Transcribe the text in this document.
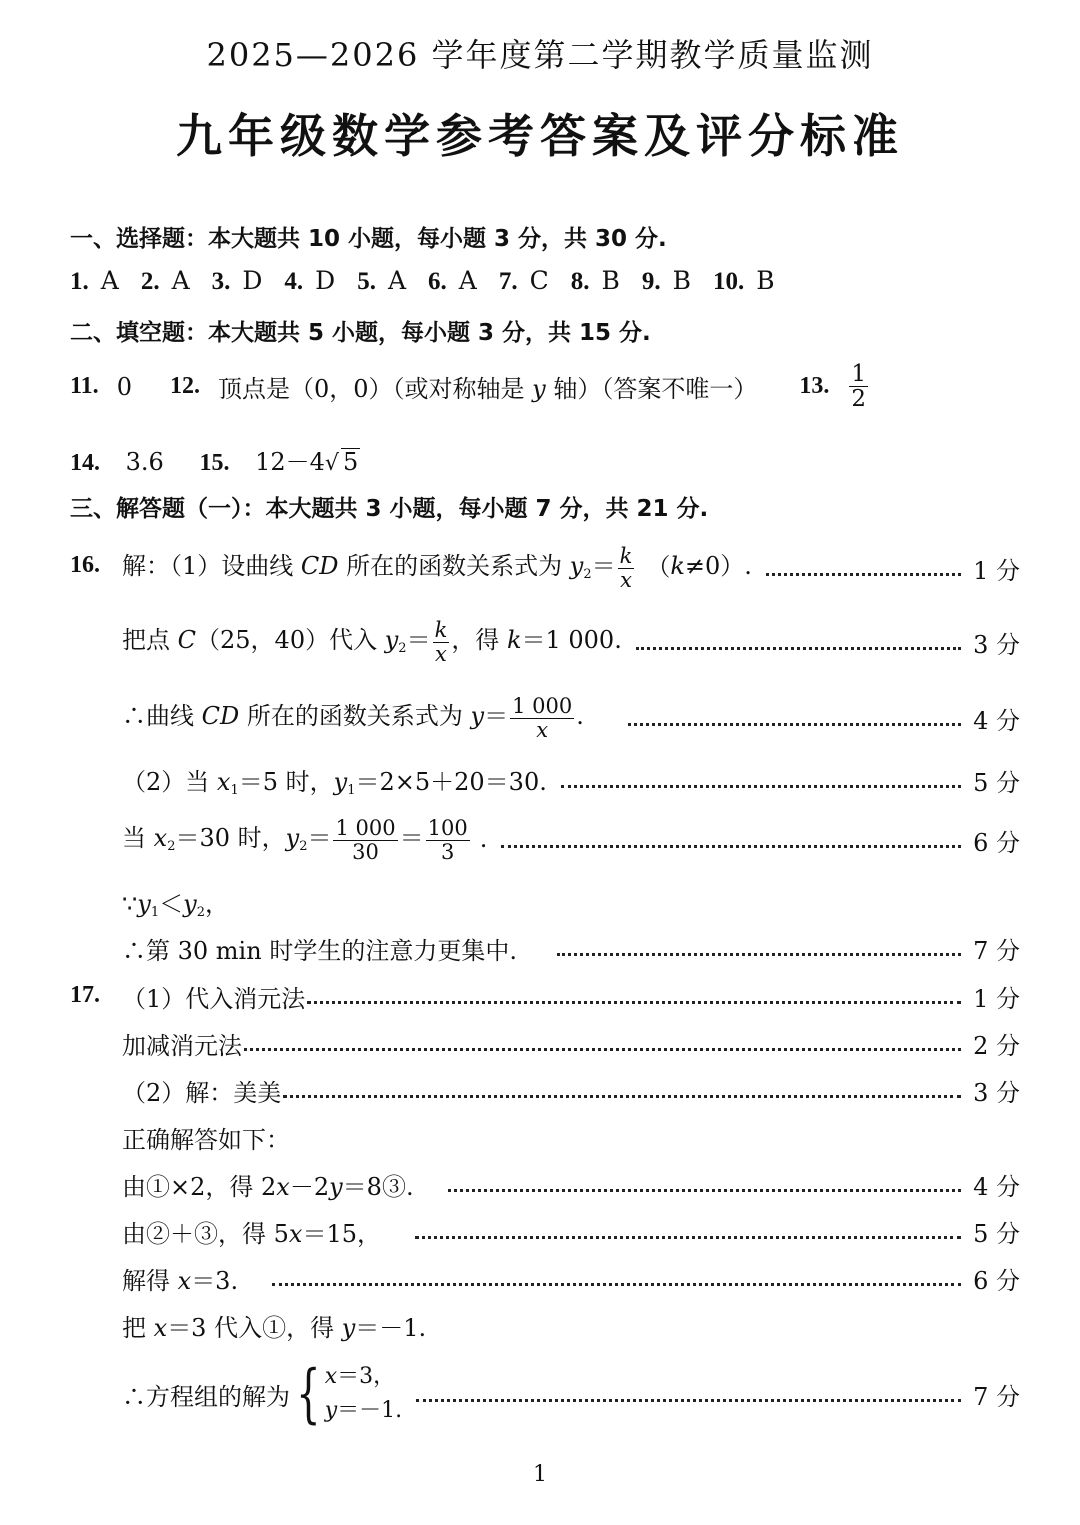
2025—2026 学年度第二学期教学质量监测
九年级数学参考答案及评分标准
一、选择题：本大题共 10 小题，每小题 3 分，共 30 分.
1. A 2. A 3. D 4. D 5. A 6. A 7. C 8. B 9. B 10. B
二、填空题：本大题共 5 小题，每小题 3 分，共 15 分.
11. 0 12. 顶点是（0，0）（或对称轴是 y 轴）（答案不唯一） 13. $\frac{1}{2}$
14. 3.6 15. 12－4√ 5
三、解答题（一）：本大题共 3 小题，每小题 7 分，共 21 分.
16. 解：（1）设曲线 CD 所在的函数关系式为 $y_2= \frac{k}{x} (k\ne 0)$.	1 分
把点 C（25，40）代入 $y_2= \frac{k}{x}$ ，得 k＝1 000.	3 分
∴曲线 CD 所在的函数关系式为 $y= \frac{1 000}{x}$ .	4 分
（2）当 $x_1=5$ 时，$y_1=2\times 5+20=30$.	5 分
当 $x_2=30$ 时，$y_2= \frac{1 000}{30} = \frac{100}{3}$ .	6 分
$\because y_1<y_2$，
∴第 30 min 时学生的注意力更集中.	7 分
17. （1）代入消元法	1 分
加减消元法	2 分
（2）解：美美	3 分
正确解答如下：
由①×2，得 2x－2y＝8③.	4 分
由②＋③，得 5x＝15，	5 分
解得 x＝3.	6 分
把 x＝3 代入①，得 y＝－1.
∴方程组的解为 { x＝3，
y＝－1.	7 分
1
